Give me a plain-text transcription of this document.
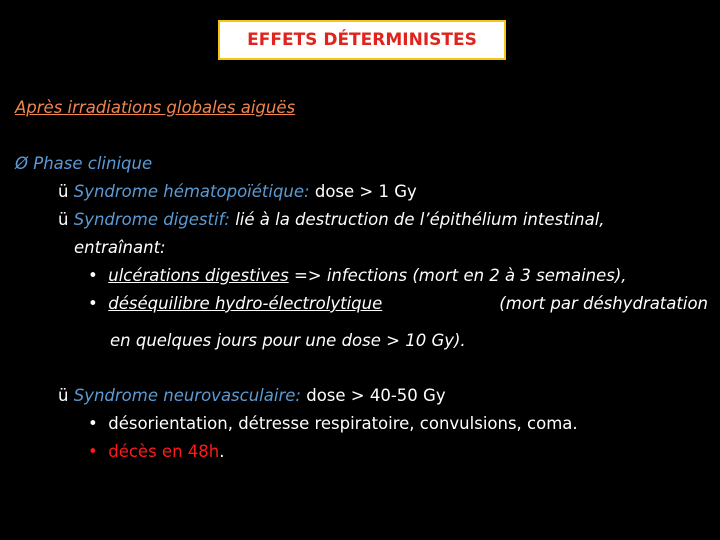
EFFETS DÉTERMINISTES
Après irradiations globales aiguës
Ø Phase clinique
ü Syndrome hématopoïétique: dose > 1 Gy
ü Syndrome digestif: lié à la destruction de l’épithélium intestinal,
entraînant:
• ulcérations digestives => infections (mort en 2 à 3 semaines),
• déséquilibre hydro-électrolytique	(mort par déshydratation
en quelques jours pour une dose > 10 Gy).
ü Syndrome neurovasculaire: dose > 40-50 Gy
• désorientation, détresse respiratoire, convulsions, coma.
• décès en 48h.
